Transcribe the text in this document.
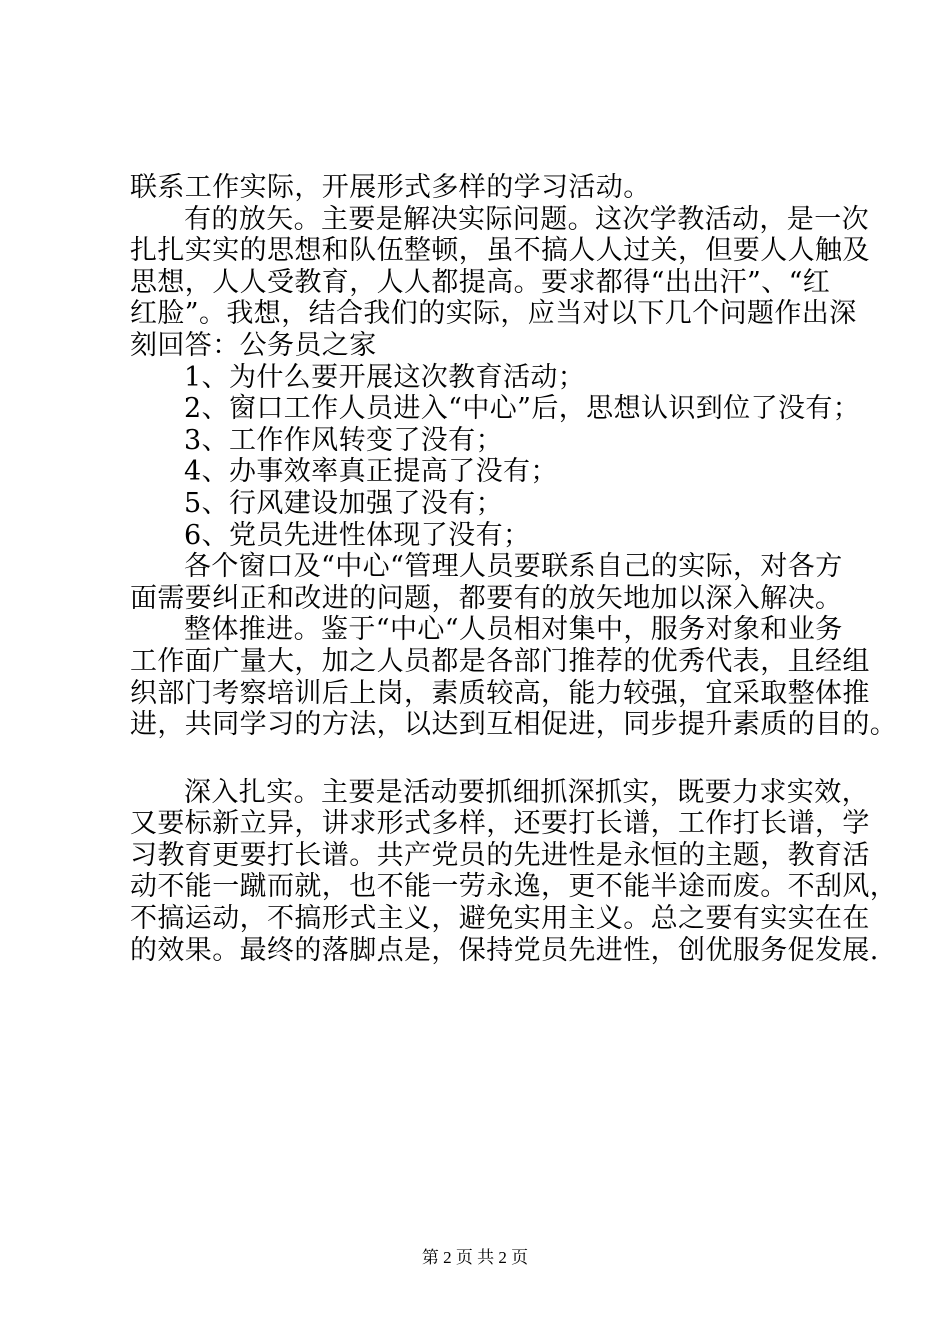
联系工作实际，开展形式多样的学习活动。
有的放矢。主要是解决实际问题。这次学教活动，是一次
扎扎实实的思想和队伍整顿，虽不搞人人过关，但要人人触及
思想，人人受教育，人人都提高。要求都得“出出汗”、“红
红脸”。我想，结合我们的实际，应当对以下几个问题作出深
刻回答：公务员之家
1、为什么要开展这次教育活动；
2、窗口工作人员进入“中心”后，思想认识到位了没有；
3、工作作风转变了没有；
4、办事效率真正提高了没有；
5、行风建设加强了没有；
6、党员先进性体现了没有；
各个窗口及“中心“管理人员要联系自己的实际，对各方
面需要纠正和改进的问题，都要有的放矢地加以深入解决。
整体推进。鉴于“中心“人员相对集中，服务对象和业务
工作面广量大，加之人员都是各部门推荐的优秀代表，且经组
织部门考察培训后上岗，素质较高，能力较强，宜采取整体推
进，共同学习的方法，以达到互相促进，同步提升素质的目的。
深入扎实。主要是活动要抓细抓深抓实，既要力求实效，
又要标新立异，讲求形式多样，还要打长谱，工作打长谱，学
习教育更要打长谱。共产党员的先进性是永恒的主题，教育活
动不能一蹴而就，也不能一劳永逸，更不能半途而废。不刮风，
不搞运动，不搞形式主义，避免实用主义。总之要有实实在在
的效果。最终的落脚点是，保持党员先进性，创优服务促发展.
第 2 页 共 2 页
